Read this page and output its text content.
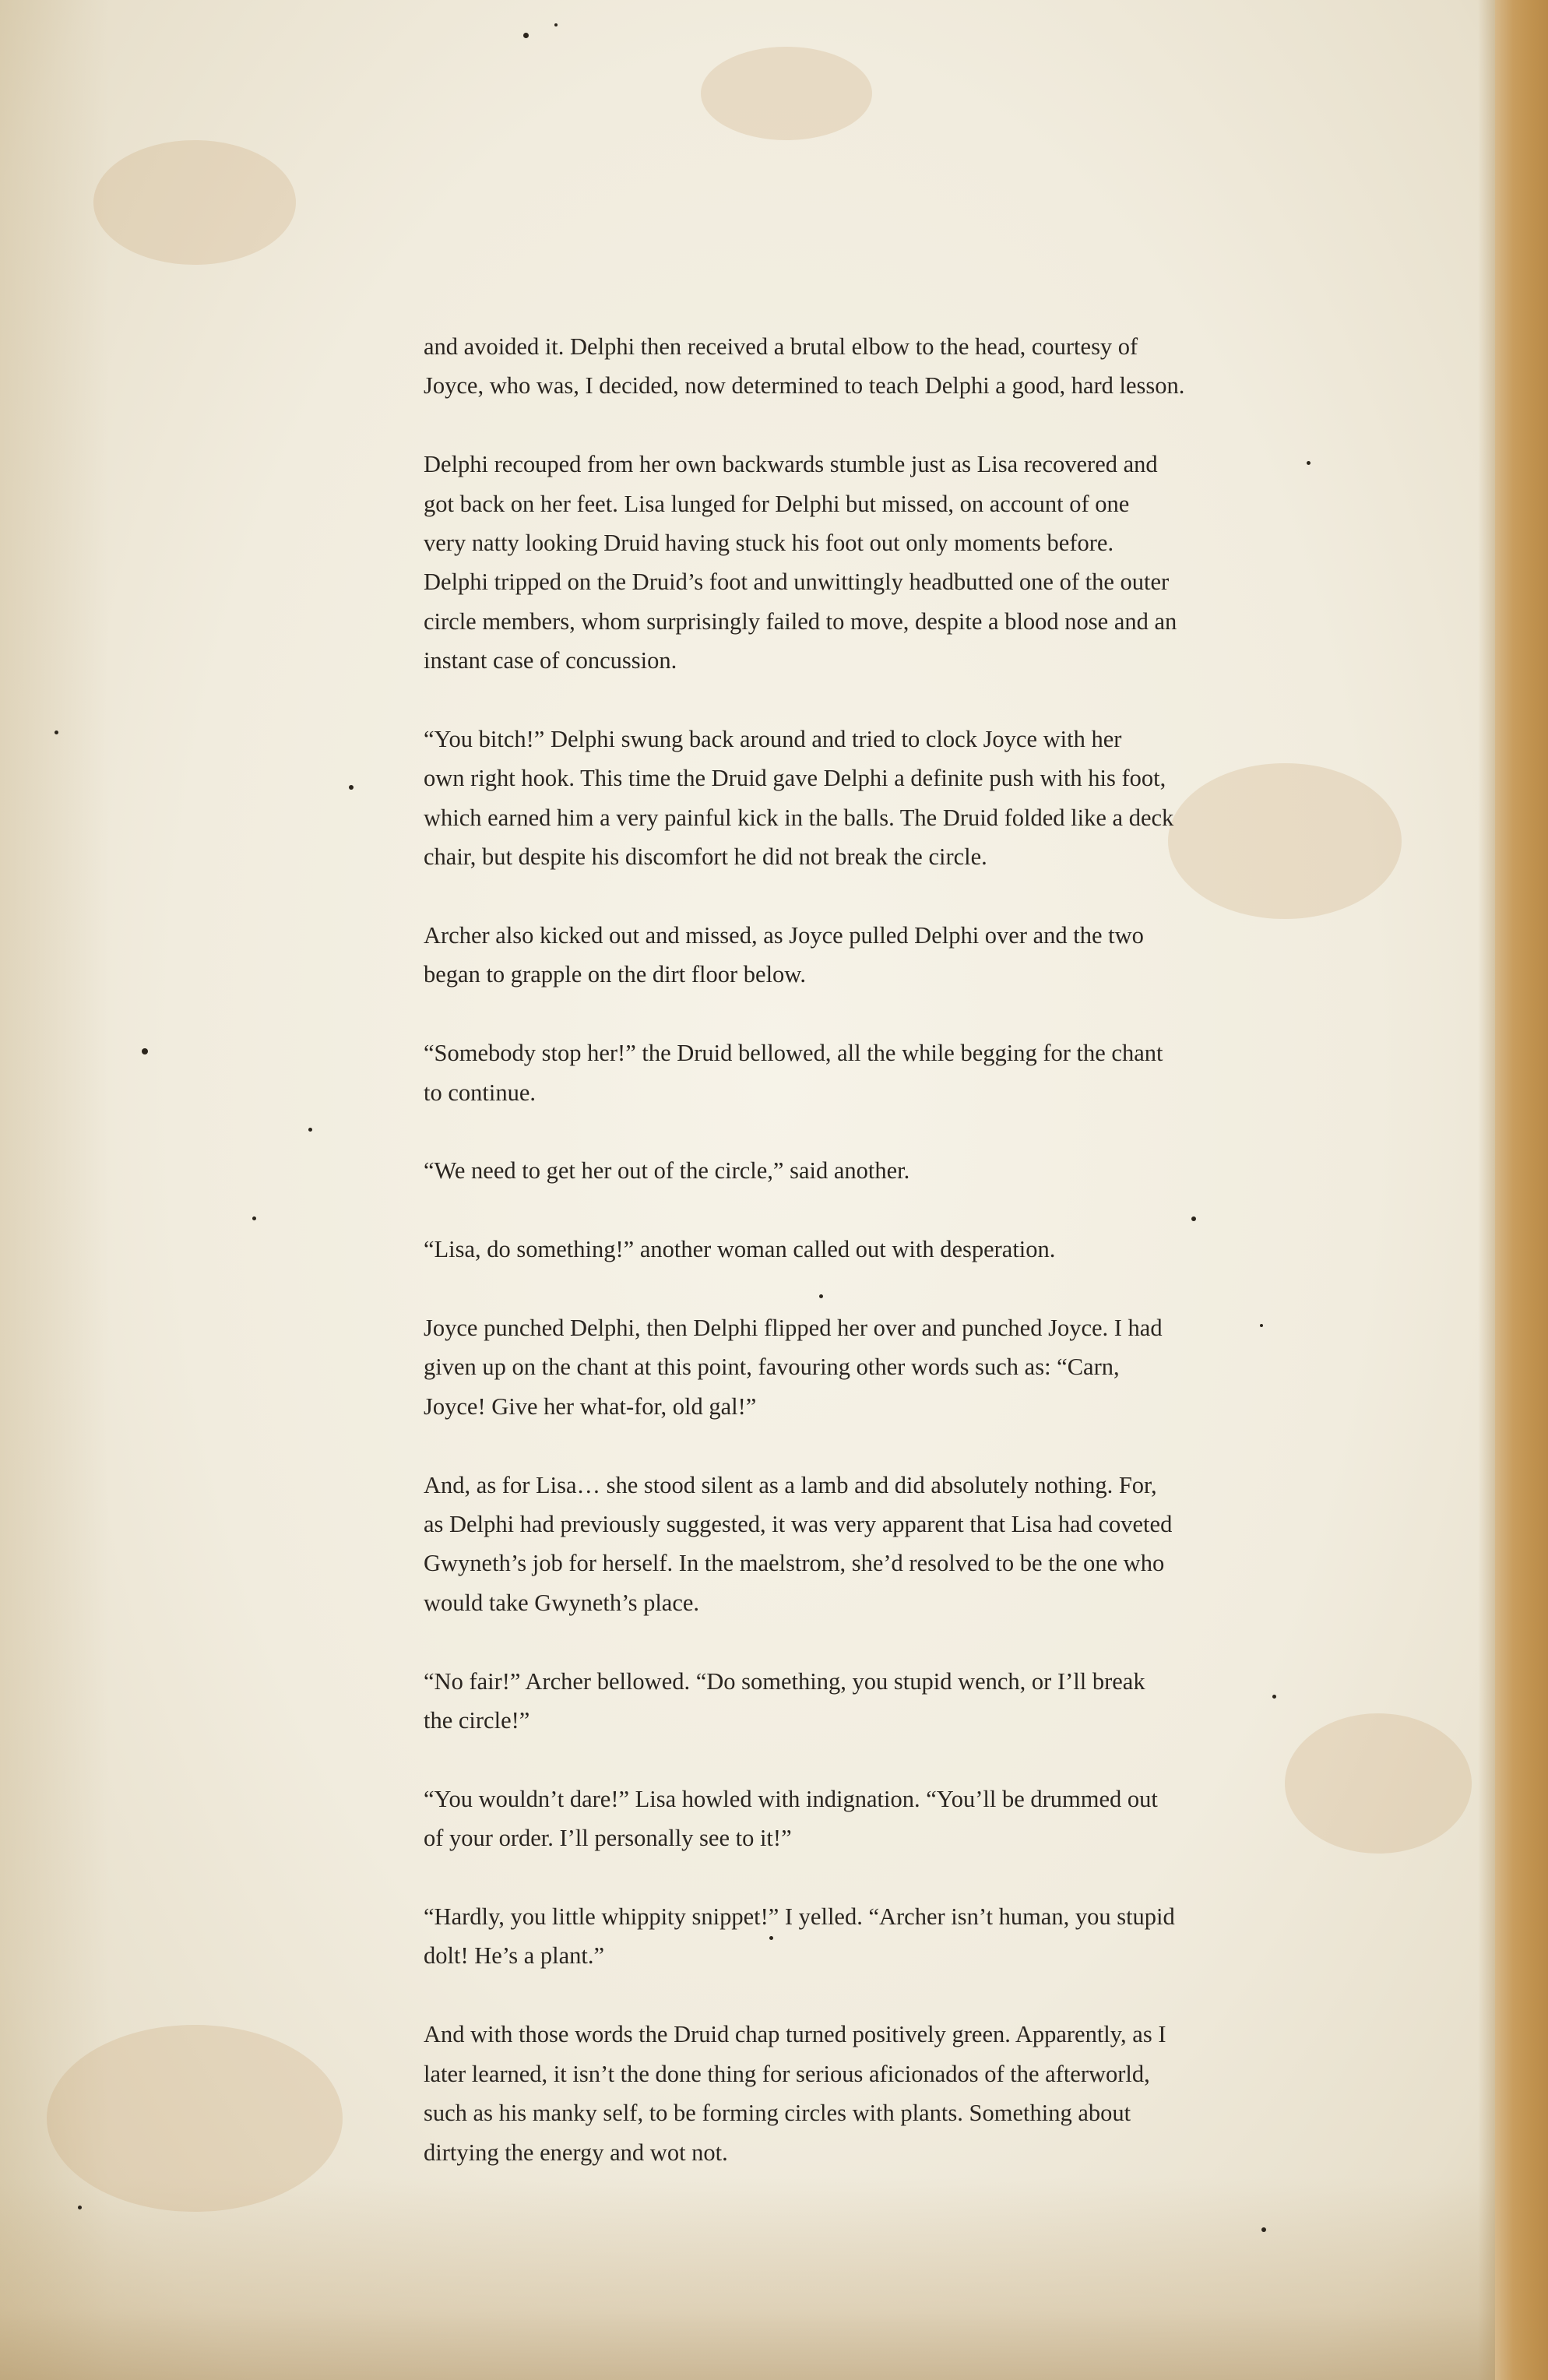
and avoided it. Delphi then received a brutal elbow to the head, courtesy of
Joyce, who was, I decided, now determined to teach Delphi a good, hard lesson.

Delphi recouped from her own backwards stumble just as Lisa recovered and
got back on her feet. Lisa lunged for Delphi but missed, on account of one
very natty looking Druid having stuck his foot out only moments before.
Delphi tripped on the Druid’s foot and unwittingly headbutted one of the outer
circle members, whom surprisingly failed to move, despite a blood nose and an
instant case of concussion.

“You bitch!” Delphi swung back around and tried to clock Joyce with her
own right hook. This time the Druid gave Delphi a definite push with his foot,
which earned him a very painful kick in the balls. The Druid folded like a deck
chair, but despite his discomfort he did not break the circle.

Archer also kicked out and missed, as Joyce pulled Delphi over and the two
began to grapple on the dirt floor below.

“Somebody stop her!” the Druid bellowed, all the while begging for the chant
to continue.

“We need to get her out of the circle,” said another.

“Lisa, do something!” another woman called out with desperation.

Joyce punched Delphi, then Delphi flipped her over and punched Joyce. I had
given up on the chant at this point, favouring other words such as: “Carn,
Joyce! Give her what-for, old gal!”

And, as for Lisa… she stood silent as a lamb and did absolutely nothing. For,
as Delphi had previously suggested, it was very apparent that Lisa had coveted
Gwyneth’s job for herself. In the maelstrom, she’d resolved to be the one who
would take Gwyneth’s place.

“No fair!” Archer bellowed. “Do something, you stupid wench, or I’ll break
the circle!”

“You wouldn’t dare!” Lisa howled with indignation. “You’ll be drummed out
of your order. I’ll personally see to it!”

“Hardly, you little whippity snippet!” I yelled. “Archer isn’t human, you stupid
dolt! He’s a plant.”

And with those words the Druid chap turned positively green. Apparently, as I
later learned, it isn’t the done thing for serious aficionados of the afterworld,
such as his manky self, to be forming circles with plants. Something about
dirtying the energy and wot not.
